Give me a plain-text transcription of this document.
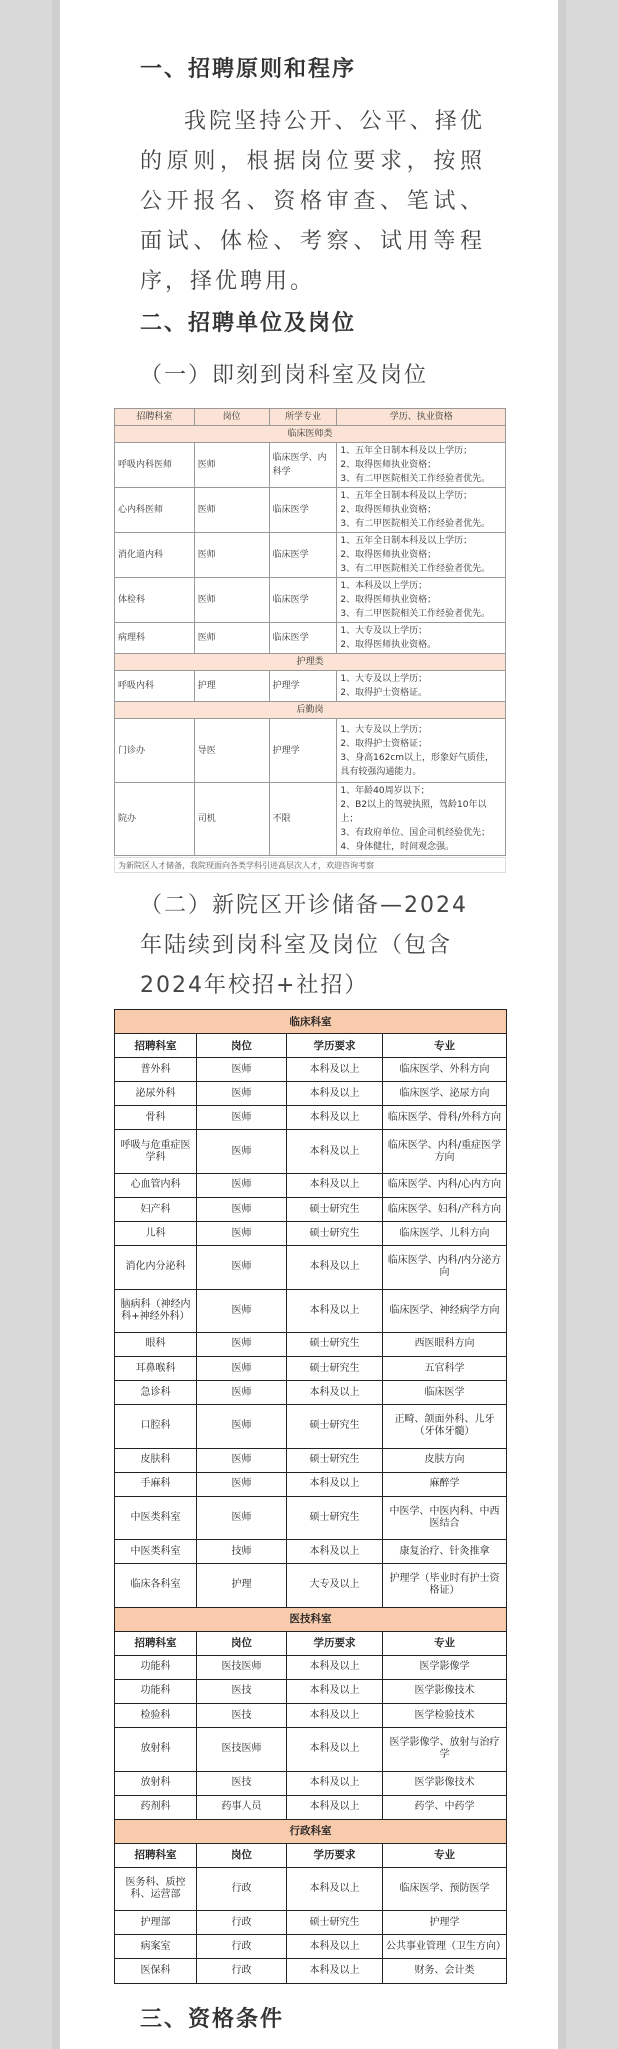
一、招聘原则和程序
我院坚持公开、公平、择优的原则，根据岗位要求，按照公开报名、资格审查、笔试、面试、体检、考察、试用等程序，择优聘用。
二、招聘单位及岗位
（一）即刻到岗科室及岗位
招聘科室	岗位	所学专业	学历、执业资格
临床医师类			
呼吸内科医师	医师	临床医学、内科学	1、五年全日制本科及以上学历；
2、取得医师执业资格；
3、有二甲医院相关工作经验者优先。

心内科医师	医师	临床医学	1、五年全日制本科及以上学历；
2、取得医师执业资格；
3、有二甲医院相关工作经验者优先。

消化道内科	医师	临床医学	1、五年全日制本科及以上学历；
2、取得医师执业资格；
3、有二甲医院相关工作经验者优先。

体检科	医师	临床医学	1、本科及以上学历；
2、取得医师执业资格；
3、有二甲医院相关工作经验者优先。

病理科	医师	临床医学	1、大专及以上学历；
2、取得医师执业资格。

护理类			
呼吸内科	护理	护理学	1、大专及以上学历；
2、取得护士资格证。

后勤岗			
门诊办	导医	护理学	1、大专及以上学历；
2、取得护士资格证；
3、身高162cm以上，形象好气质佳，具有较强沟通能力。

院办	司机	不限	1、年龄40周岁以下；
2、B2以上的驾驶执照，驾龄10年以上；
3、有政府单位、国企司机经验优先；
4、身体健壮，时间观念强。
为新院区人才储备，我院现面向各类学科引进高层次人才，欢迎咨询考察
（二）新院区开诊储备—2024年陆续到岗科室及岗位（包含2024年校招+社招）
临床科室			
招聘科室	岗位	学历要求	专业
普外科	医师	本科及以上	临床医学、外科方向
泌尿外科	医师	本科及以上	临床医学、泌尿方向
骨科	医师	本科及以上	临床医学、骨科/外科方向
呼吸与危重症医学科	医师	本科及以上	临床医学、内科/重症医学方向
心血管内科	医师	本科及以上	临床医学、内科/心内方向
妇产科	医师	硕士研究生	临床医学、妇科/产科方向
儿科	医师	硕士研究生	临床医学、儿科方向
消化内分泌科	医师	本科及以上	临床医学、内科/内分泌方向
脑病科（神经内科+神经外科）	医师	本科及以上	临床医学、神经病学方向
眼科	医师	硕士研究生	西医眼科方向
耳鼻喉科	医师	硕士研究生	五官科学
急诊科	医师	本科及以上	临床医学
口腔科	医师	硕士研究生	正畸、颌面外科、儿牙（牙体牙髓）
皮肤科	医师	硕士研究生	皮肤方向
手麻科	医师	本科及以上	麻醉学
中医类科室	医师	硕士研究生	中医学、中医内科、中西医结合
中医类科室	技师	本科及以上	康复治疗、针灸推拿
临床各科室	护理	大专及以上	护理学（毕业时有护士资格证）
医技科室			
招聘科室	岗位	学历要求	专业
功能科	医技医师	本科及以上	医学影像学
功能科	医技	本科及以上	医学影像技术
检验科	医技	本科及以上	医学检验技术
放射科	医技医师	本科及以上	医学影像学、放射与治疗学
放射科	医技	本科及以上	医学影像技术
药剂科	药事人员	本科及以上	药学、中药学
行政科室			
招聘科室	岗位	学历要求	专业
医务科、质控科、运营部	行政	本科及以上	临床医学、预防医学
护理部	行政	硕士研究生	护理学
病案室	行政	本科及以上	公共事业管理（卫生方向）
医保科	行政	本科及以上	财务、会计类
三、资格条件
